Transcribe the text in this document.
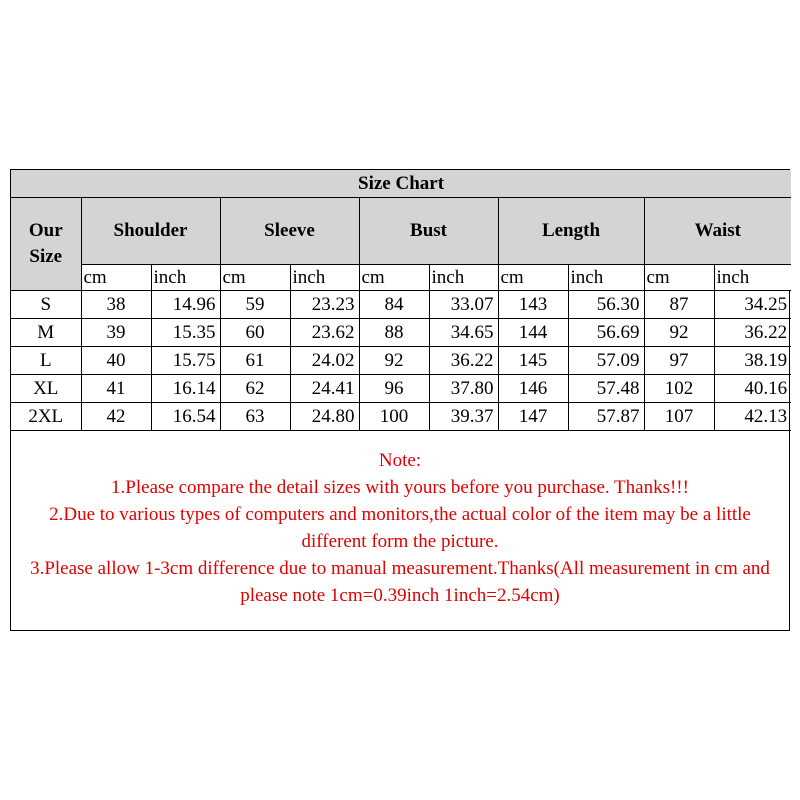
Size Chart										
Our Size	Shoulder		Sleeve		Bust		Length		Waist	
	cm	inch	cm	inch	cm	inch	cm	inch	cm	inch
S	38	14.96	59	23.23	84	33.07	143	56.30	87	34.25
M	39	15.35	60	23.62	88	34.65	144	56.69	92	36.22
L	40	15.75	61	24.02	92	36.22	145	57.09	97	38.19
XL	41	16.14	62	24.41	96	37.80	146	57.48	102	40.16
2XL	42	16.54	63	24.80	100	39.37	147	57.87	107	42.13
Note:
1.Please compare the detail sizes with yours before you purchase. Thanks!!!
2.Due to various types of computers and monitors,the actual color of the item may be a little different form the picture.
3.Please allow 1-3cm difference due to manual measurement.Thanks(All measurement in cm and please note 1cm=0.39inch 1inch=2.54cm)
